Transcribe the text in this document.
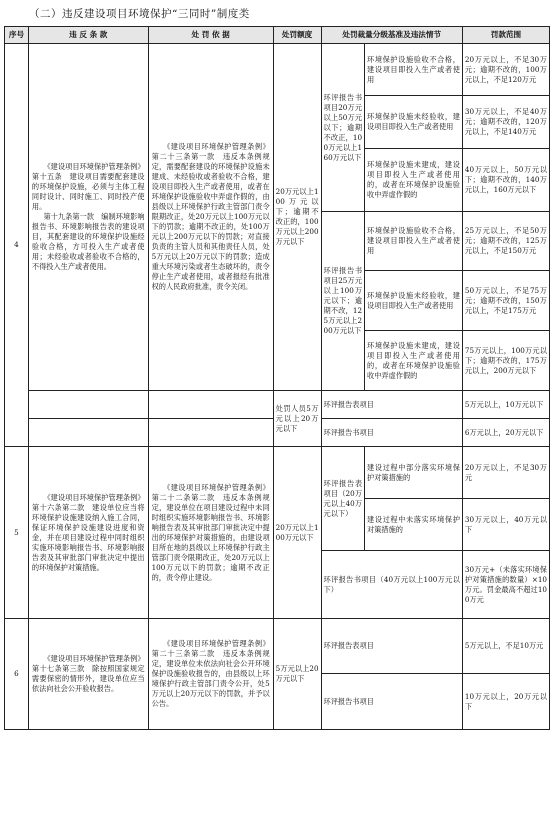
（二）违反建设项目环境保护“三同时”制度类
序号	违 反 条 款	处 罚 依 据	处罚额度	处罚裁量分级基准及违法情节		罚款范围
4	《建设项目环境保护管理条例》第十五条　建设项目需要配套建设的环境保护设施，必须与主体工程同时设计、同时施工、同时投产使用。
第十九条第一款　编制环境影响报告书、环境影响报告表的建设项目，其配套建设的环境保护设施经验收合格，方可投入生产或者使用；未经验收或者验收不合格的，不得投入生产或者使用。	《建设项目环境保护管理条例》第二十三条第一款　违反本条例规定，需要配套建设的环境保护设施未建成、未经验收或者验收不合格，建设项目即投入生产或者使用，或者在环境保护设施验收中弄虚作假的，由县级以上环境保护行政主管部门责令限期改正，处20万元以上100万元以下的罚款；逾期不改正的，处100万元以上200万元以下的罚款；对直接负责的主管人员和其他责任人员，处5万元以上20万元以下的罚款；造成重大环境污染或者生态破坏的，责令停止生产或者使用，或者报经有批准权的人民政府批准，责令关闭。	20万元以上100万元以下；逾期不改正的，100万元以上200万元以下	环评报告书项目20万元以上50万元以下；逾期不改正，100万元以上160万元以下	环境保护设施验收不合格，建设项目即投入生产或者使用	20万元以上，不足30万元；逾期不改的，100万元以上，不足120万元
					环境保护设施未经验收，建设项目即投入生产或者使用	30万元以上，不足40万元；逾期不改的，120万元以上，不足140万元
					环境保护设施未建成，建设项目即投入生产或者使用的，或者在环境保护设施验收中弄虚作假的	40万元以上，50万元以下；逾期不改的，140万元以上，160万元以下
				环评报告书项目25万元以上100万元以下；逾期不改，125万元以上200万元以下	环境保护设施验收不合格，建设项目即投入生产或者使用	25万元以上，不足50万元；逾期不改的，125万元以上，不足150万元
					环境保护设施未经验收，建设项目即投入生产或者使用	50万元以上，不足75万元；逾期不改的，150万元以上，不足175万元
					环境保护设施未建成，建设项目即投入生产或者使用的，或者在环境保护设施验收中弄虚作假的	75万元以上，100万元以下；逾期不改的，175万元以上，200万元以下
			处罚人员5万元以上20万元以下	环评报告表项目		5万元以上，10万元以下
				环评报告书项目		6万元以上，20万元以下
5	《建设项目环境保护管理条例》第十六条第二款　建设单位应当将环境保护设施建设纳入施工合同，保证环境保护设施建设进度和资金，并在项目建设过程中同时组织实施环境影响报告书、环境影响报告表及其审批部门审批决定中提出的环境保护对策措施。	《建设项目环境保护管理条例》第二十二条第二款　违反本条例规定，建设单位在项目建设过程中未同时组织实施环境影响报告书、环境影响报告表及其审批部门审批决定中提出的环境保护对策措施的，由建设项目所在地的县级以上环境保护行政主管部门责令限期改正，处20万元以上100万元以下的罚款；逾期不改正的，责令停止建设。	20万元以上100万元以下	环评报告表项目（20万元以上40万元以下）	建设过程中部分落实环境保护对策措施的	20万元以上，不足30万元
					建设过程中未落实环境保护对策措施的	30万元以上，40万元以下
				环评报告书项目（40万元以上100万元以下）		30万元+（未落实环境保护对策措施的数量）×10万元。罚金最高不超过100万元
6	《建设项目环境保护管理条例》第十七条第三款　除按照国家规定需要保密的情形外，建设单位应当依法向社会公开验收报告。	《建设项目环境保护管理条例》第二十三条第二款　违反本条例规定，建设单位未依法向社会公开环境保护设施验收报告的，由县级以上环境保护行政主管部门责令公开，处5万元以上20万元以下的罚款，并予以公告。	5万元以上20万元以下	环评报告表项目		5万元以上，不足10万元
				环评报告书项目		10万元以上，20万元以下
